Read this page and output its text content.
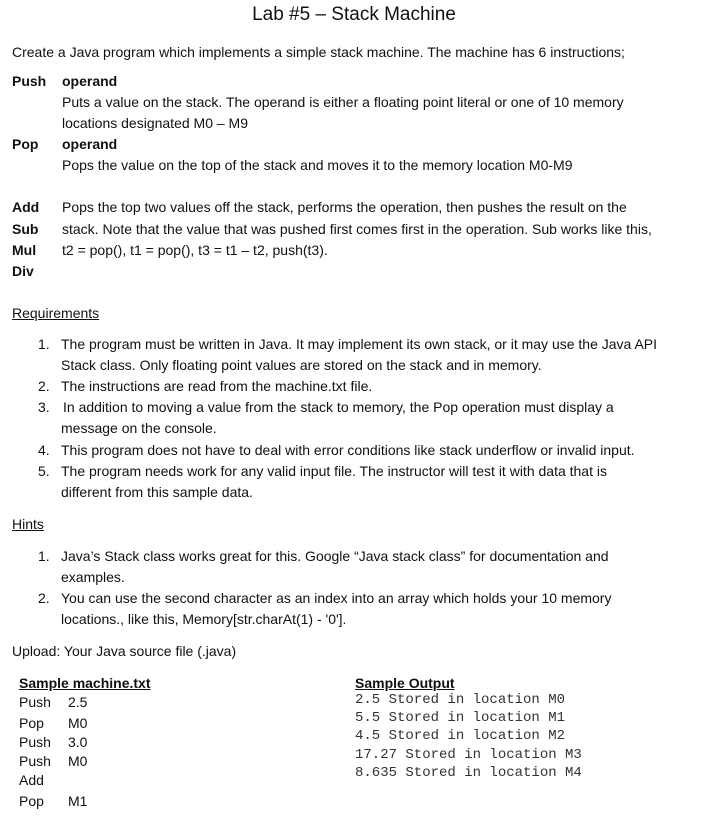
Lab #5 – Stack Machine
Create a Java program which implements a simple stack machine. The machine has 6 instructions;
Push operand
Puts a value on the stack. The operand is either a floating point literal or one of 10 memory
locations designated M0 – M9
Pop operand
Pops the value on the top of the stack and moves it to the memory location M0-M9
Add
Sub
Mul
Div
Pops the top two values off the stack, performs the operation, then pushes the result on the
stack. Note that the value that was pushed first comes first in the operation. Sub works like this,
t2 = pop(), t1 = pop(), t3 = t1 – t2, push(t3).
Requirements
1. The program must be written in Java. It may implement its own stack, or it may use the Java API
Stack class. Only floating point values are stored on the stack and in memory.
2. The instructions are read from the machine.txt file.
3. In addition to moving a value from the stack to memory, the Pop operation must display a
message on the console.
4. This program does not have to deal with error conditions like stack underflow or invalid input.
5. The program needs work for any valid input file. The instructor will test it with data that is
different from this sample data.
Hints
1. Java’s Stack class works great for this. Google “Java stack class” for documentation and
examples.
2. You can use the second character as an index into an array which holds your 10 memory
locations., like this, Memory[str.charAt(1) - '0'].
Upload: Your Java source file (.java)
Sample machine.txt
Push 2.5
Pop M0
Push 3.0
Push M0
Add
Pop M1
Sample Output
2.5 Stored in location M0
5.5 Stored in location M1
4.5 Stored in location M2
17.27 Stored in location M3
8.635 Stored in location M4
